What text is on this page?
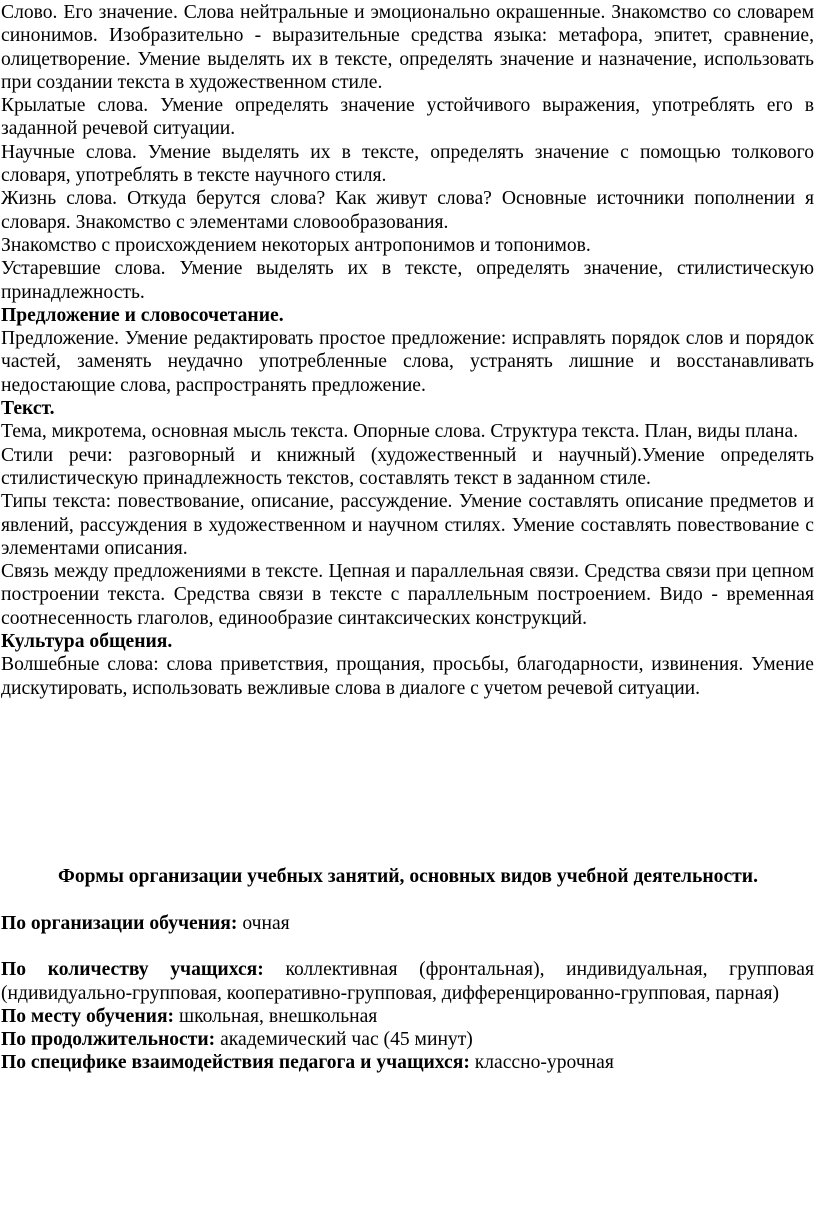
Слово. Его значение. Слова нейтральные и эмоционально окрашенные. Знакомство со словарем синонимов. Изобразительно - выразительные средства языка: метафора, эпитет, сравнение, олицетворение. Умение выделять их в тексте, определять значение и назначение, использовать при создании текста в художественном стиле.

Крылатые слова. Умение определять значение устойчивого выражения, употреблять его в заданной речевой ситуации.

Научные слова. Умение выделять их в тексте, определять значение с помощью толкового словаря, употреблять в тексте научного стиля.

Жизнь слова. Откуда берутся слова? Как живут слова? Основные источники пополнении я словаря. Знакомство с элементами словообразования.

Знакомство с происхождением некоторых антропонимов и топонимов.

Устаревшие слова. Умение выделять их в тексте, определять значение, стилистическую принадлежность.

Предложение и словосочетание.

Предложение. Умение редактировать простое предложение: исправлять порядок слов и порядок частей, заменять неудачно употребленные слова, устранять лишние и восстанавливать недостающие слова, распространять предложение.

Текст.

Тема, микротема, основная мысль текста. Опорные слова. Структура текста. План, виды плана.

Стили речи: разговорный и книжный (художественный и научный).Умение определять стилистическую принадлежность текстов, составлять текст в заданном стиле.

Типы текста: повествование, описание, рассуждение. Умение составлять описание предметов и явлений, рассуждения в художественном и научном стилях. Умение составлять повествование с элементами описания.

Связь между предложениями в тексте. Цепная и параллельная связи. Средства связи при цепном построении текста. Средства связи в тексте с параллельным построением. Видо - временная соотнесенность глаголов, единообразие синтаксических конструкций.

Культура общения.

Волшебные слова: слова приветствия, прощания, просьбы, благодарности, извинения. Умение дискутировать, использовать вежливые слова в диалоге с учетом речевой ситуации.

Формы организации учебных занятий, основных видов учебной деятельности.

По организации обучения: очная

По количеству учащихся: коллективная (фронтальная), индивидуальная, групповая (ндивидуально-групповая, кооперативно-групповая, дифференцированно-групповая, парная)

По месту обучения: школьная, внешкольная

По продолжительности: академический час (45 минут)

По специфике взаимодействия педагога и учащихся: классно-урочная
